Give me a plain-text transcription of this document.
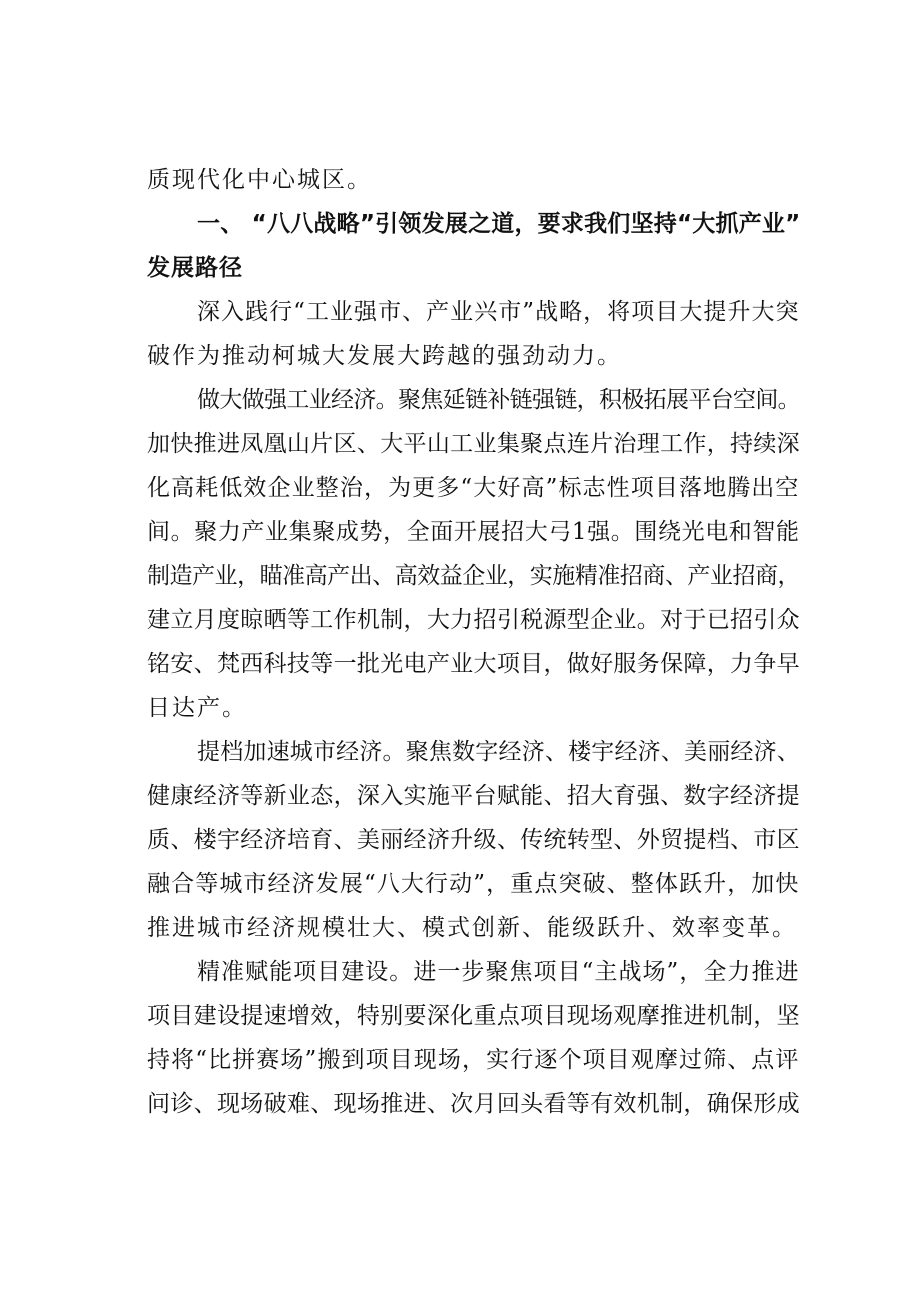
质现代化中心城区。
一、 “八八战略”引领发展之道，要求我们坚持“大抓产业”
发展路径
深入践行“工业强市、产业兴市”战略，将项目大提升大突
破作为推动柯城大发展大跨越的强劲动力。
做大做强工业经济。聚焦延链补链强链，积极拓展平台空间。
加快推进凤凰山片区、大平山工业集聚点连片治理工作，持续深
化高耗低效企业整治，为更多“大好高”标志性项目落地腾出空
间。聚力产业集聚成势，全面开展招大弓1强。围绕光电和智能
制造产业，瞄准高产出、高效益企业，实施精准招商、产业招商，
建立月度晾晒等工作机制，大力招引税源型企业。对于已招引众
铭安、梵西科技等一批光电产业大项目，做好服务保障，力争早
日达产。
提档加速城市经济。聚焦数字经济、楼宇经济、美丽经济、
健康经济等新业态，深入实施平台赋能、招大育强、数字经济提
质、楼宇经济培育、美丽经济升级、传统转型、外贸提档、市区
融合等城市经济发展“八大行动”，重点突破、整体跃升，加快
推进城市经济规模壮大、模式创新、能级跃升、效率变革。
精准赋能项目建设。进一步聚焦项目“主战场”，全力推进
项目建设提速增效，特别要深化重点项目现场观摩推进机制，坚
持将“比拼赛场”搬到项目现场，实行逐个项目观摩过筛、点评
问诊、现场破难、现场推进、次月回头看等有效机制，确保形成
